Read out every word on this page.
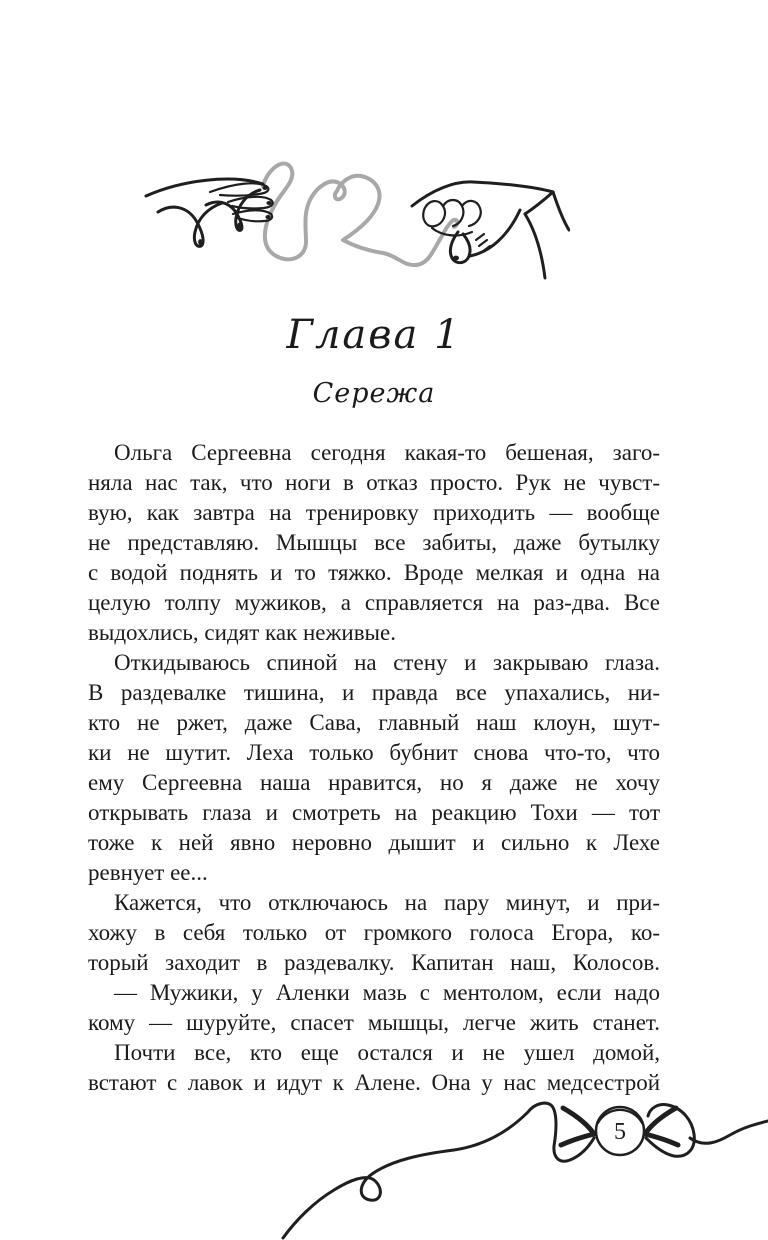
Глава 1
Сережа
Ольга Сергеевна сегодня какая-то бешеная, заго-
няла нас так, что ноги в отказ просто. Рук не чувст-
вую, как завтра на тренировку приходить — вообще
не представляю. Мышцы все забиты, даже бутылку
с водой поднять и то тяжко. Вроде мелкая и одна на
целую толпу мужиков, а справляется на раз-два. Все
выдохлись, сидят как неживые.
Откидываюсь спиной на стену и закрываю глаза.
В раздевалке тишина, и правда все упахались, ни-
кто не ржет, даже Сава, главный наш клоун, шут-
ки не шутит. Леха только бубнит снова что-то, что
ему Сергеевна наша нравится, но я даже не хочу
открывать глаза и смотреть на реакцию Тохи — тот
тоже к ней явно неровно дышит и сильно к Лехе
ревнует ее...
Кажется, что отключаюсь на пару минут, и при-
хожу в себя только от громкого голоса Егора, ко-
торый заходит в раздевалку. Капитан наш, Колосов.
— Мужики, у Аленки мазь с ментолом, если надо
кому — шуруйте, спасет мышцы, легче жить станет.
Почти все, кто еще остался и не ушел домой,
встают с лавок и идут к Алене. Она у нас медсестрой
5
